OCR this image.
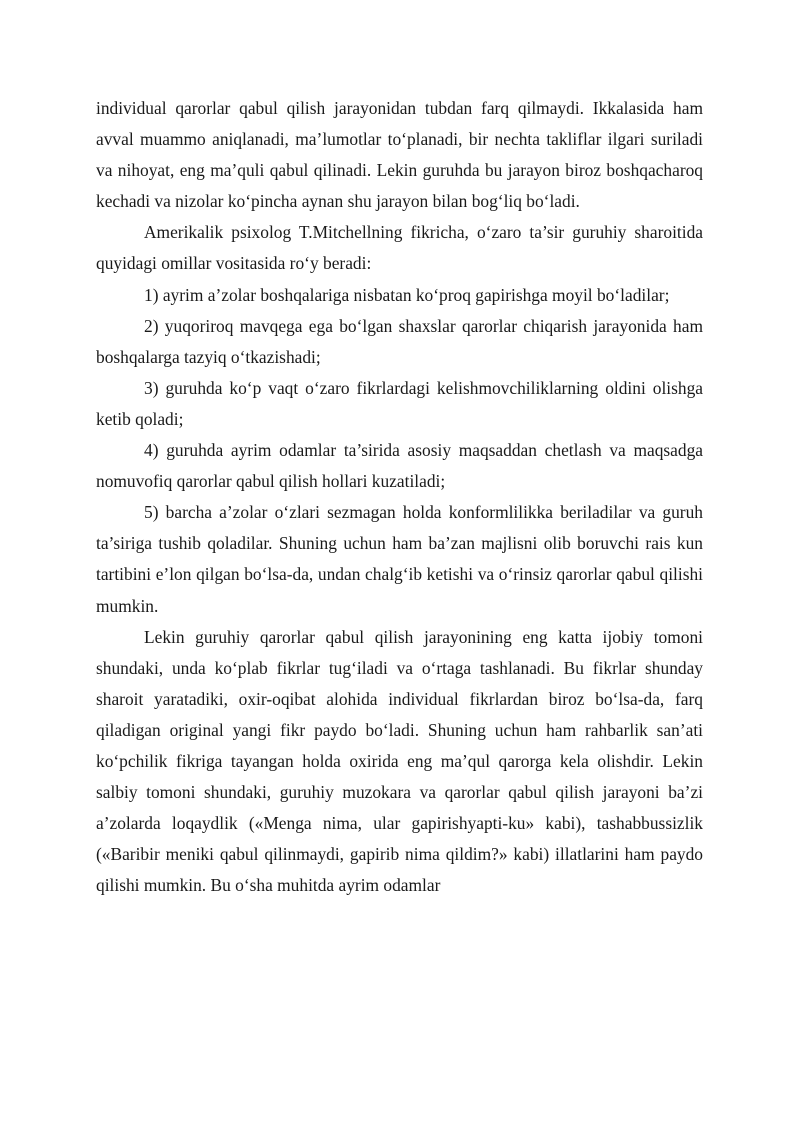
individual qarorlar qabul qilish jarayonidan tubdan farq qilmaydi. Ikkalasida ham avval muammo aniqlanadi, ma’lumotlar to‘planadi, bir nechta takliflar ilgari suriladi va nihoyat, eng ma’quli qabul qilinadi. Lekin guruhda bu jarayon biroz boshqacharoq kechadi va nizolar ko‘pincha aynan shu jarayon bilan bog‘liq bo‘ladi.

Amerikalik psixolog T.Mitchellning fikricha, o‘zaro ta’sir guruhiy sharoitida quyidagi omillar vositasida ro‘y beradi:

1) ayrim a’zolar boshqalariga nisbatan ko‘proq gapirishga moyil bo‘ladilar;

2) yuqoriroq mavqega ega bo‘lgan shaxslar qarorlar chiqarish jarayonida ham boshqalarga tazyiq o‘tkazishadi;

3) guruhda ko‘p vaqt o‘zaro fikrlardagi kelishmovchiliklarning oldini olishga ketib qoladi;

4) guruhda ayrim odamlar ta’sirida asosiy maqsaddan chetlash va maqsadga nomuvofiq qarorlar qabul qilish hollari kuzatiladi;

5) barcha a’zolar o‘zlari sezmagan holda konformlilikka beriladilar va guruh ta’siriga tushib qoladilar. Shuning uchun ham ba’zan majlisni olib boruvchi rais kun tartibini e’lon qilgan bo‘lsa-da, undan chalg‘ib ketishi va o‘rinsiz qarorlar qabul qilishi mumkin.

Lekin guruhiy qarorlar qabul qilish jarayonining eng katta ijobiy tomoni shundaki, unda ko‘plab fikrlar tug‘iladi va o‘rtaga tashlanadi. Bu fikrlar shunday sharoit yaratadiki, oxir-oqibat alohida individual fikrlardan biroz bo‘lsa-da, farq qiladigan original yangi fikr paydo bo‘ladi. Shuning uchun ham rahbarlik san’ati ko‘pchilik fikriga tayangan holda oxirida eng ma’qul qarorga kela olishdir. Lekin salbiy tomoni shundaki, guruhiy muzokara va qarorlar qabul qilish jarayoni ba’zi a’zolarda loqaydlik («Menga nima, ular gapirishyapti-ku» kabi), tashabbussizlik («Baribir meniki qabul qilinmaydi, gapirib nima qildim?» kabi) illatlarini ham paydo qilishi mumkin. Bu o‘sha muhitda ayrim odamlar
